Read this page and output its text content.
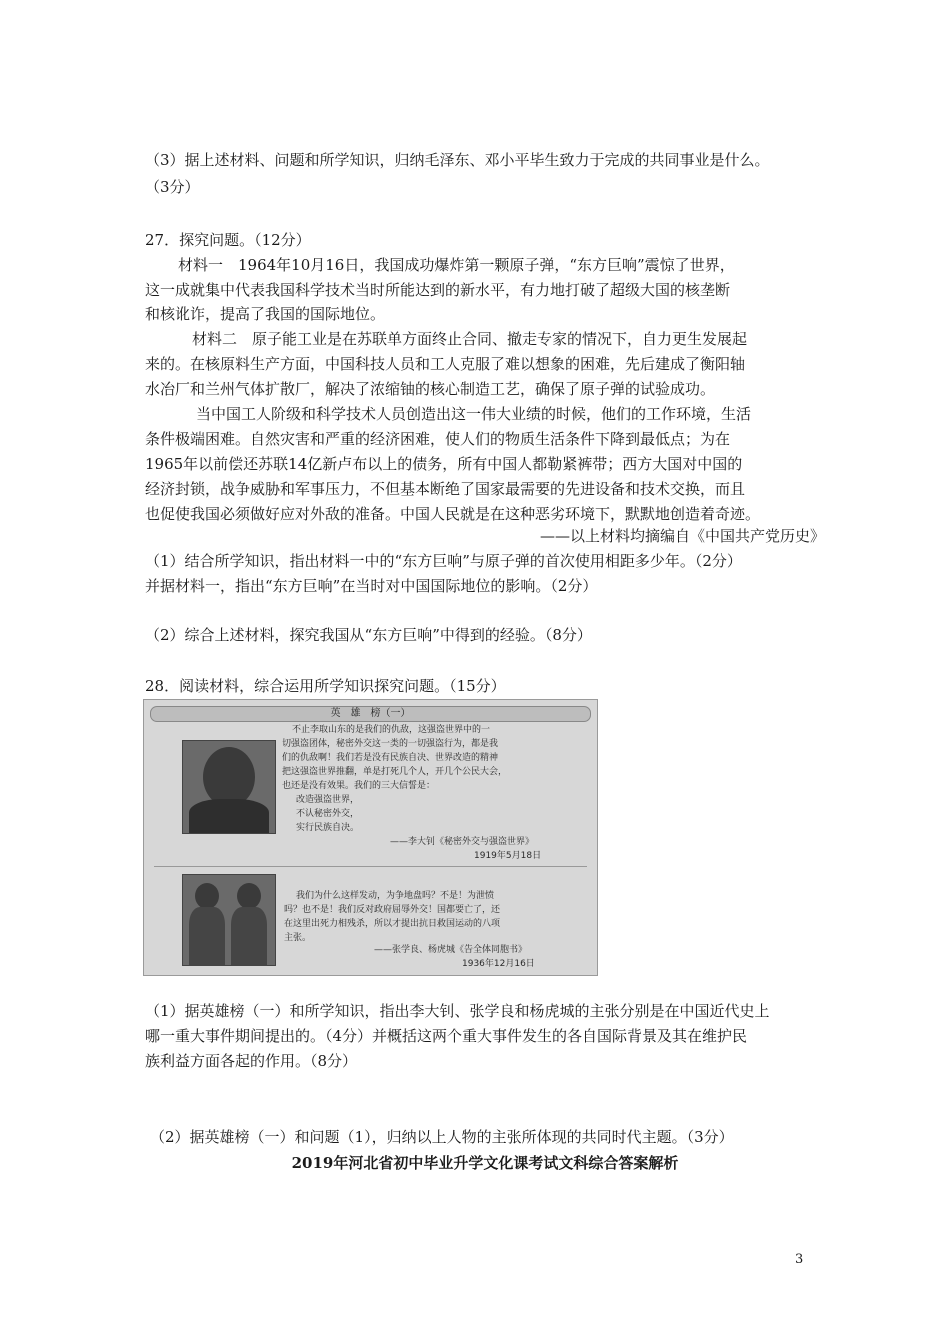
（3）据上述材料、问题和所学知识，归纳毛泽东、邓小平毕生致力于完成的共同事业是什么。
（3分）
27．探究问题。（12分）
材料一　1964年10月16日，我国成功爆炸第一颗原子弹，“东方巨响”震惊了世界，
这一成就集中代表我国科学技术当时所能达到的新水平，有力地打破了超级大国的核垄断
和核讹诈，提高了我国的国际地位。
材料二　原子能工业是在苏联单方面终止合同、撤走专家的情况下，自力更生发展起
来的。在核原料生产方面，中国科技人员和工人克服了难以想象的困难，先后建成了衡阳轴
水冶厂和兰州气体扩散厂，解决了浓缩铀的核心制造工艺，确保了原子弹的试验成功。
当中国工人阶级和科学技术人员创造出这一伟大业绩的时候，他们的工作环境，生活
条件极端困难。自然灾害和严重的经济困难，使人们的物质生活条件下降到最低点；为在
1965年以前偿还苏联14亿新卢布以上的债务，所有中国人都勒紧裤带；西方大国对中国的
经济封锁，战争威胁和军事压力，不但基本断绝了国家最需要的先进设备和技术交换，而且
也促使我国必须做好应对外敌的准备。中国人民就是在这种恶劣环境下，默默地创造着奇迹。
——以上材料均摘编自《中国共产党历史》
（1）结合所学知识，指出材料一中的“东方巨响”与原子弹的首次使用相距多少年。（2分）
并据材料一，指出“东方巨响”在当时对中国国际地位的影响。（2分）
（2）综合上述材料，探究我国从“东方巨响”中得到的经验。（8分）
28．阅读材料，综合运用所学知识探究问题。（15分）
英　雄　榜（一）
不止李取山东的是我们的仇敌，这强盗世界中的一
切强盗团体，秘密外交这一类的一切强盗行为，都是我
们的仇敌啊！我们若是没有民族自决、世界改造的精神
把这强盗世界推翻，单是打死几个人，开几个公民大会，
也还是没有效果。我们的三大信誓是：
改造强盗世界，
不认秘密外交，
实行民族自决。
——李大钊《秘密外交与强盗世界》
1919年5月18日
我们为什么这样发动，为争地盘吗？不是！为泄愤
吗？也不是！我们反对政府屈辱外交！国都要亡了，还
在这里出死力相残杀，所以才提出抗日救国运动的八项
主张。
——张学良、杨虎城《告全体同胞书》
1936年12月16日
（1）据英雄榜（一）和所学知识，指出李大钊、张学良和杨虎城的主张分别是在中国近代史上
哪一重大事件期间提出的。（4分）并概括这两个重大事件发生的各自国际背景及其在维护民
族利益方面各起的作用。（8分）
（2）据英雄榜（一）和问题（1），归纳以上人物的主张所体现的共同时代主题。（3分）
2019年河北省初中毕业升学文化课考试文科综合答案解析
3
